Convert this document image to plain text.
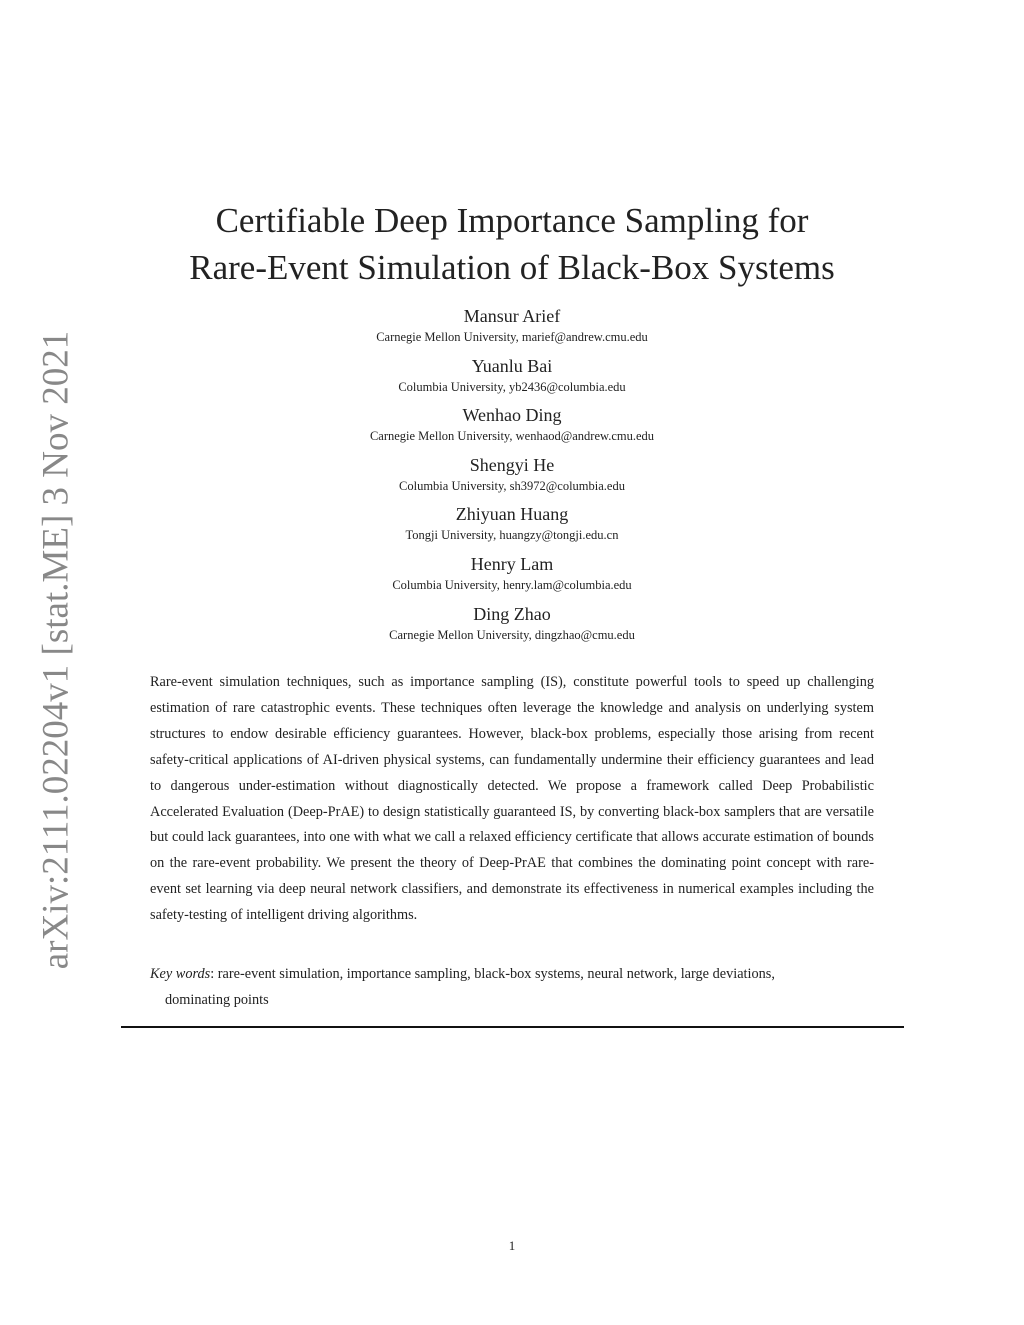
arXiv:2111.02204v1 [stat.ME] 3 Nov 2021
Certifiable Deep Importance Sampling for
Rare-Event Simulation of Black-Box Systems
Mansur Arief
Carnegie Mellon University, marief@andrew.cmu.edu
Yuanlu Bai
Columbia University, yb2436@columbia.edu
Wenhao Ding
Carnegie Mellon University, wenhaod@andrew.cmu.edu
Shengyi He
Columbia University, sh3972@columbia.edu
Zhiyuan Huang
Tongji University, huangzy@tongji.edu.cn
Henry Lam
Columbia University, henry.lam@columbia.edu
Ding Zhao
Carnegie Mellon University, dingzhao@cmu.edu
Rare-event simulation techniques, such as importance sampling (IS), constitute powerful tools to speed up challenging estimation of rare catastrophic events. These techniques often leverage the knowledge and analysis on underlying system structures to endow desirable efficiency guarantees. However, black-box problems, especially those arising from recent safety-critical applications of AI-driven physical systems, can fundamentally undermine their efficiency guarantees and lead to dangerous under-estimation without diagnostically detected. We propose a framework called Deep Probabilistic Accelerated Evaluation (Deep-PrAE) to design statistically guaranteed IS, by converting black-box samplers that are versatile but could lack guarantees, into one with what we call a relaxed efficiency certificate that allows accurate estimation of bounds on the rare-event probability. We present the theory of Deep-PrAE that combines the dominating point concept with rare-event set learning via deep neural network classifiers, and demonstrate its effectiveness in numerical examples including the safety-testing of intelligent driving algorithms.
Key words: rare-event simulation, importance sampling, black-box systems, neural network, large deviations,
dominating points
1
